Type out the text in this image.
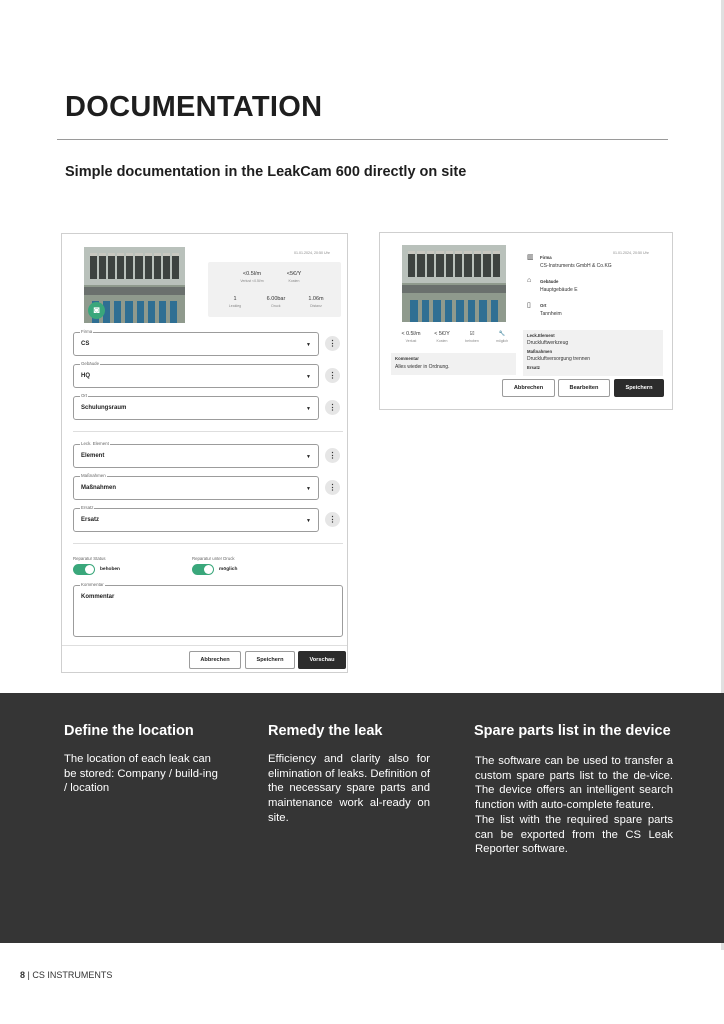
DOCUMENTATION
Simple documentation in the LeakCam 600 directly on site
◙
01.01.2024, 20:50 Uhr
<0.5l/m
Verlust <0.5l/m
<5€/Y
Kosten
1
Leakleg
6.00bar
Druck
1.06m
Distanz
Firma
CS	▼	⋮
Gebäude
HQ	▼	⋮
Ort
Schulungsraum	▼	⋮
Leck. Element
Element	▼	⋮
Maßnahmen
Maßnahmen	▼	⋮
Ersatz
Ersatz	▼	⋮
Reparatur Status
behoben
Reparatur unter Druck
möglich
Kommentar
Kommentar
Abbrechen	Speichern	Vorschau
01.01.2024, 20:50 Uhr
▥ Firma
CS-Instruments GmbH & Co.KG
⌂ Gebäude
Hauptgebäude E
▯ Ort
Tannheim
< 0.5l/m
Verlust
< 5€/Y
Kosten
☑
behoben
🔧
möglich
Kommentar
Alles wieder in Ordnung.
Leck.Element
Druckluftwerkzeug
Maßnahmen
Druckluftversorgung trennen
Ersatz
Abbrechen	Bearbeiten	Speichern
Define the location

The location of each leak can be stored: Company / build-ing / location

Remedy the leak

Efficiency and clarity also for elimination of leaks. Definition of the necessary spare parts and maintenance work al-ready on site.

Spare parts list in the device

The software can be used to transfer a custom spare parts list to the de-vice. The device offers an intelligent search function with auto-complete feature.

The list with the required spare parts can be exported from the CS Leak Reporter software.

8 | CS INSTRUMENTS
